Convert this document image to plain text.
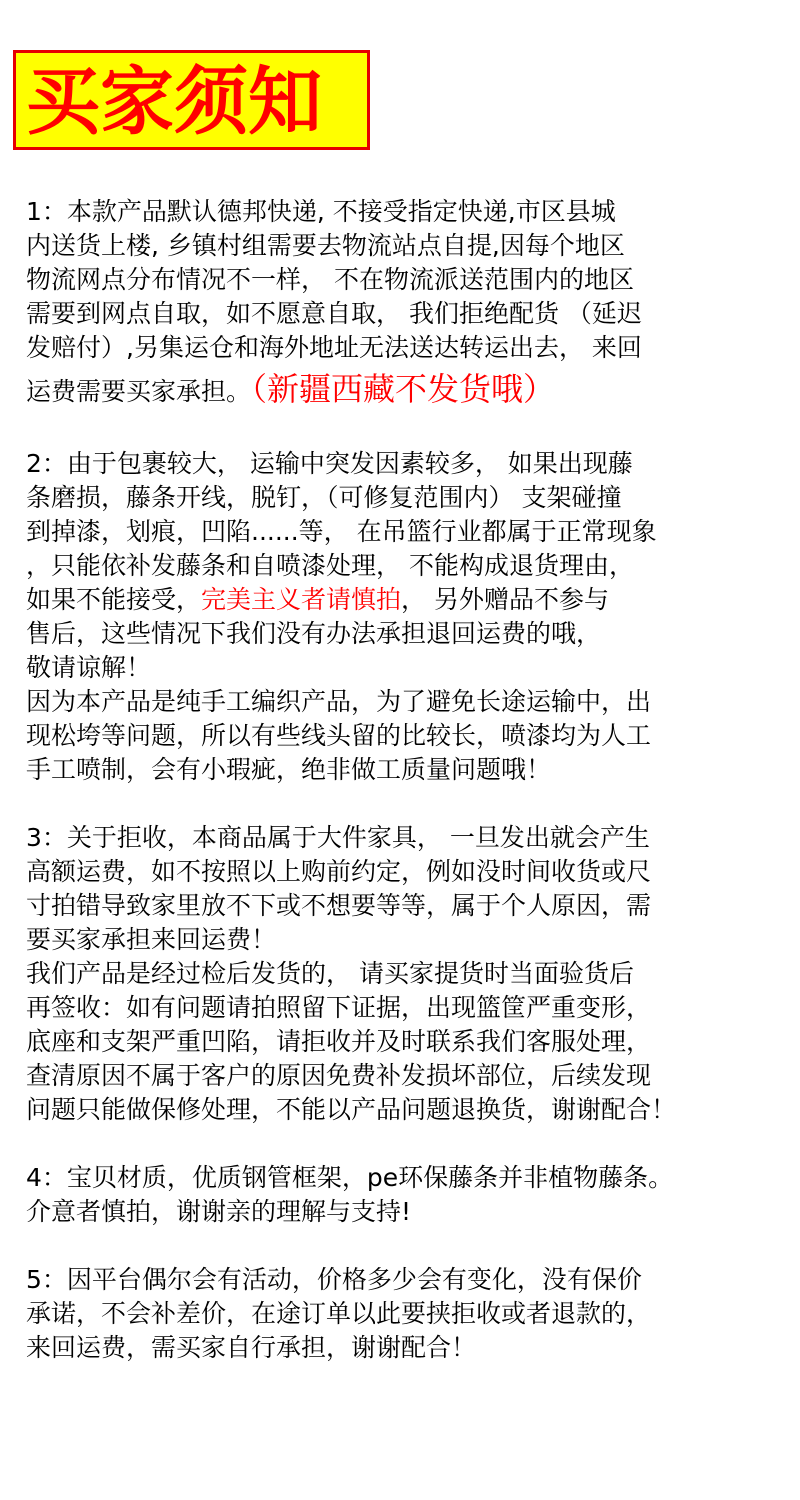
买家须知
1：本款产品默认德邦快递, 不接受指定快递,市区县城
内送货上楼, 乡镇村组需要去物流站点自提,因每个地区
物流网点分布情况不一样， 不在物流派送范围内的地区
需要到网点自取，如不愿意自取， 我们拒绝配货 （延迟
发赔付）,另集运仓和海外地址无法送达转运出去， 来回
运费需要买家承担。（新疆西藏不发货哦）
2：由于包裹较大， 运输中突发因素较多， 如果出现藤
条磨损，藤条开线，脱钉，（可修复范围内） 支架碰撞
到掉漆，划痕，凹陷......等， 在吊篮行业都属于正常现象
，只能依补发藤条和自喷漆处理， 不能构成退货理由，
如果不能接受，完美主义者请慎拍， 另外赠品不参与
售后，这些情况下我们没有办法承担退回运费的哦，
敬请谅解！
因为本产品是纯手工编织产品，为了避免长途运输中，出
现松垮等问题，所以有些线头留的比较长，喷漆均为人工
手工喷制，会有小瑕疵，绝非做工质量问题哦！
3：关于拒收，本商品属于大件家具， 一旦发出就会产生
高额运费，如不按照以上购前约定，例如没时间收货或尺
寸拍错导致家里放不下或不想要等等，属于个人原因，需
要买家承担来回运费！
我们产品是经过检后发货的， 请买家提货时当面验货后
再签收：如有问题请拍照留下证据，出现篮筐严重变形，
底座和支架严重凹陷，请拒收并及时联系我们客服处理，
查清原因不属于客户的原因免费补发损坏部位，后续发现
问题只能做保修处理，不能以产品问题退换货，谢谢配合！
4：宝贝材质，优质钢管框架，pe环保藤条并非植物藤条。
介意者慎拍，谢谢亲的理解与支持!
5：因平台偶尔会有活动，价格多少会有变化，没有保价
承诺，不会补差价，在途订单以此要挟拒收或者退款的，
来回运费，需买家自行承担，谢谢配合！
